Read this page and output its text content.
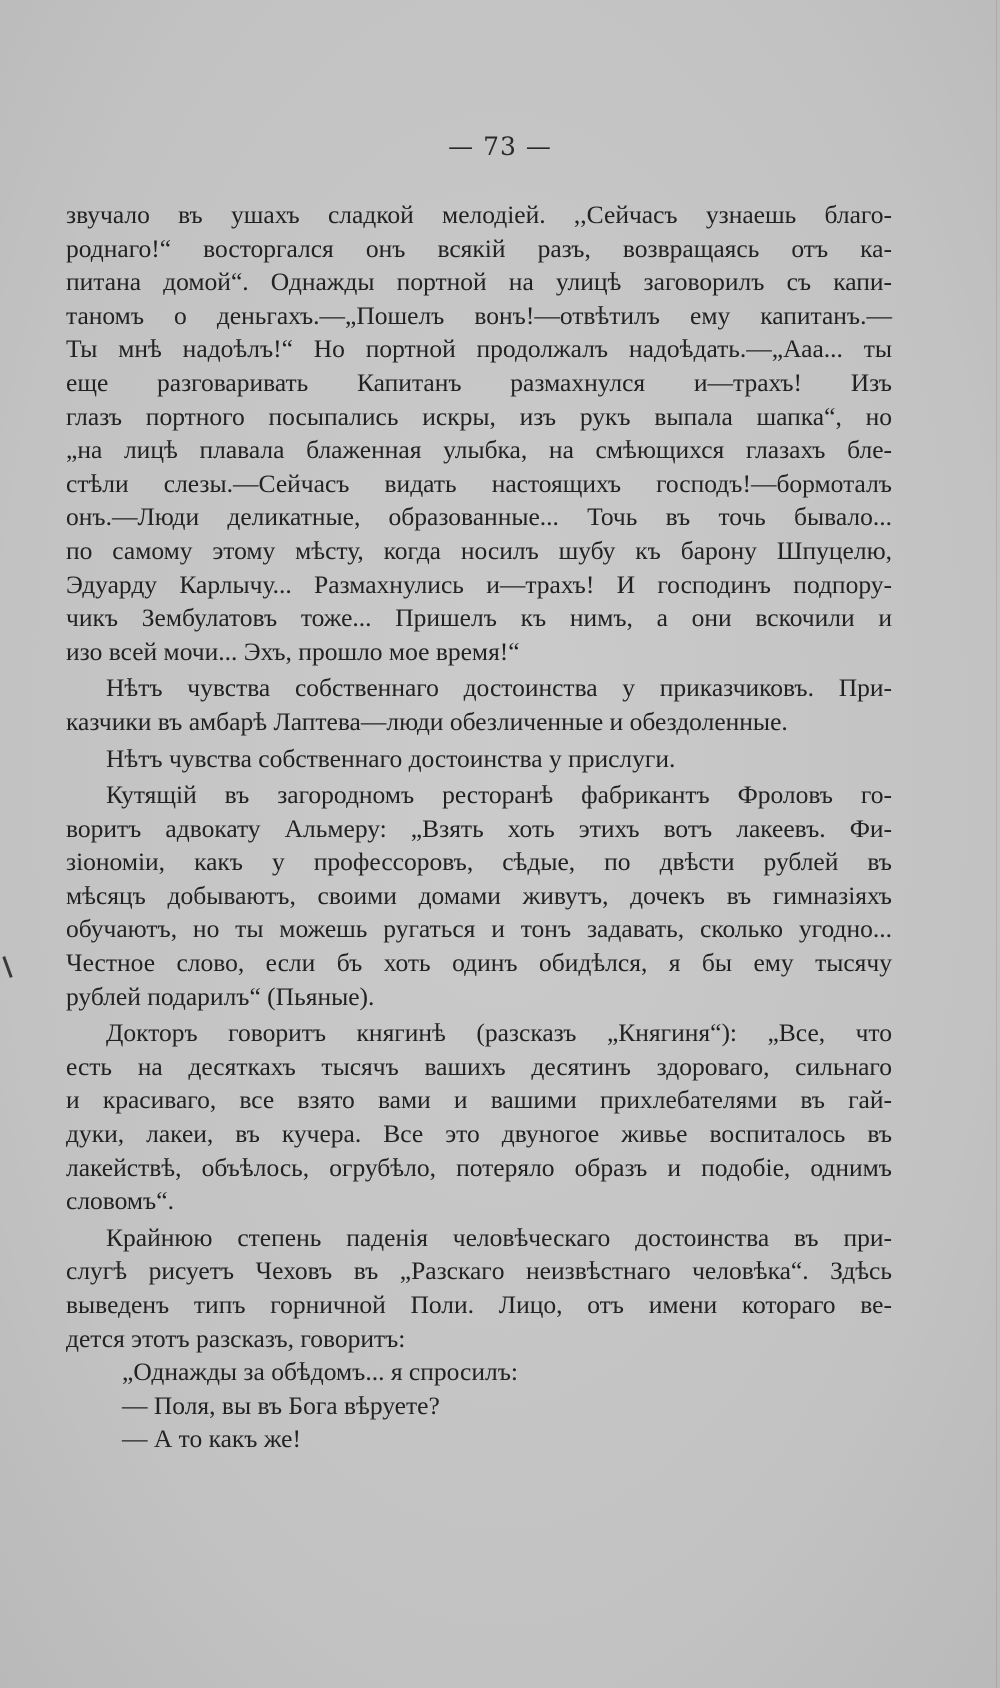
— 73 —

звучало въ ушахъ сладкой мелодіей. ,,Сейчасъ узнаешь благо-
роднаго!“ восторгался онъ всякій разъ, возвращаясь отъ ка-
питана домой“. Однажды портной на улицѣ заговорилъ съ капи-
таномъ о деньгахъ.—„Пошелъ вонъ!—отвѣтилъ ему капитанъ.—
Ты мнѣ надоѣлъ!“ Но портной продолжалъ надоѣдать.—„Ааа... ты
еще разговаривать Капитанъ размахнулся и—трахъ! Изъ
глазъ портного посыпались искры, изъ рукъ выпала шапка“, но
„на лицѣ плавала блаженная улыбка, на смѣющихся глазахъ бле-
стѣли слезы.—Сейчасъ видать настоящихъ господъ!—бормоталъ
онъ.—Люди деликатные, образованные... Точь въ точь бывало...
по самому этому мѣсту, когда носилъ шубу къ барону Шпуцелю,
Эдуарду Карлычу... Размахнулись и—трахъ! И господинъ подпору-
чикъ Зембулатовъ тоже... Пришелъ къ нимъ, а они вскочили и
изо всей мочи... Эхъ, прошло мое время!“

Нѣтъ чувства собственнаго достоинства у приказчиковъ. При-
казчики въ амбарѣ Лаптева—люди обезличенные и обездоленные.

Нѣтъ чувства собственнаго достоинства у прислуги.

Кутящій въ загородномъ ресторанѣ фабрикантъ Фроловъ го-
воритъ адвокату Альмеру: „Взять хоть этихъ вотъ лакеевъ. Фи-
зіономіи, какъ у профессоровъ, сѣдые, по двѣсти рублей въ
мѣсяцъ добываютъ, своими домами живутъ, дочекъ въ гимназіяхъ
обучаютъ, но ты можешь ругаться и тонъ задавать, сколько угодно...
Честное слово, если бъ хоть одинъ обидѣлся, я бы ему тысячу
рублей подарилъ“ (Пьяные).

Докторъ говоритъ княгинѣ (разсказъ „Княгиня“): „Все, что
есть на десяткахъ тысячъ вашихъ десятинъ здороваго, сильнаго
и красиваго, все взято вами и вашими прихлебателями въ гай-
дуки, лакеи, въ кучера. Все это двуногое живье воспиталось въ
лакействѣ, объѣлось, огрубѣло, потеряло образъ и подобіе, однимъ
словомъ“.

Крайнюю степень паденія человѣческаго достоинства въ при-
слугѣ рисуетъ Чеховъ въ „Разскагo неизвѣстнаго человѣка“. Здѣсь
выведенъ типъ горничной Поли. Лицо, отъ имени котораго ве-
дется этотъ разсказъ, говоритъ:

„Однажды за обѣдомъ... я спросилъ:
— Поля, вы въ Бога вѣруете?
— А то какъ же!
